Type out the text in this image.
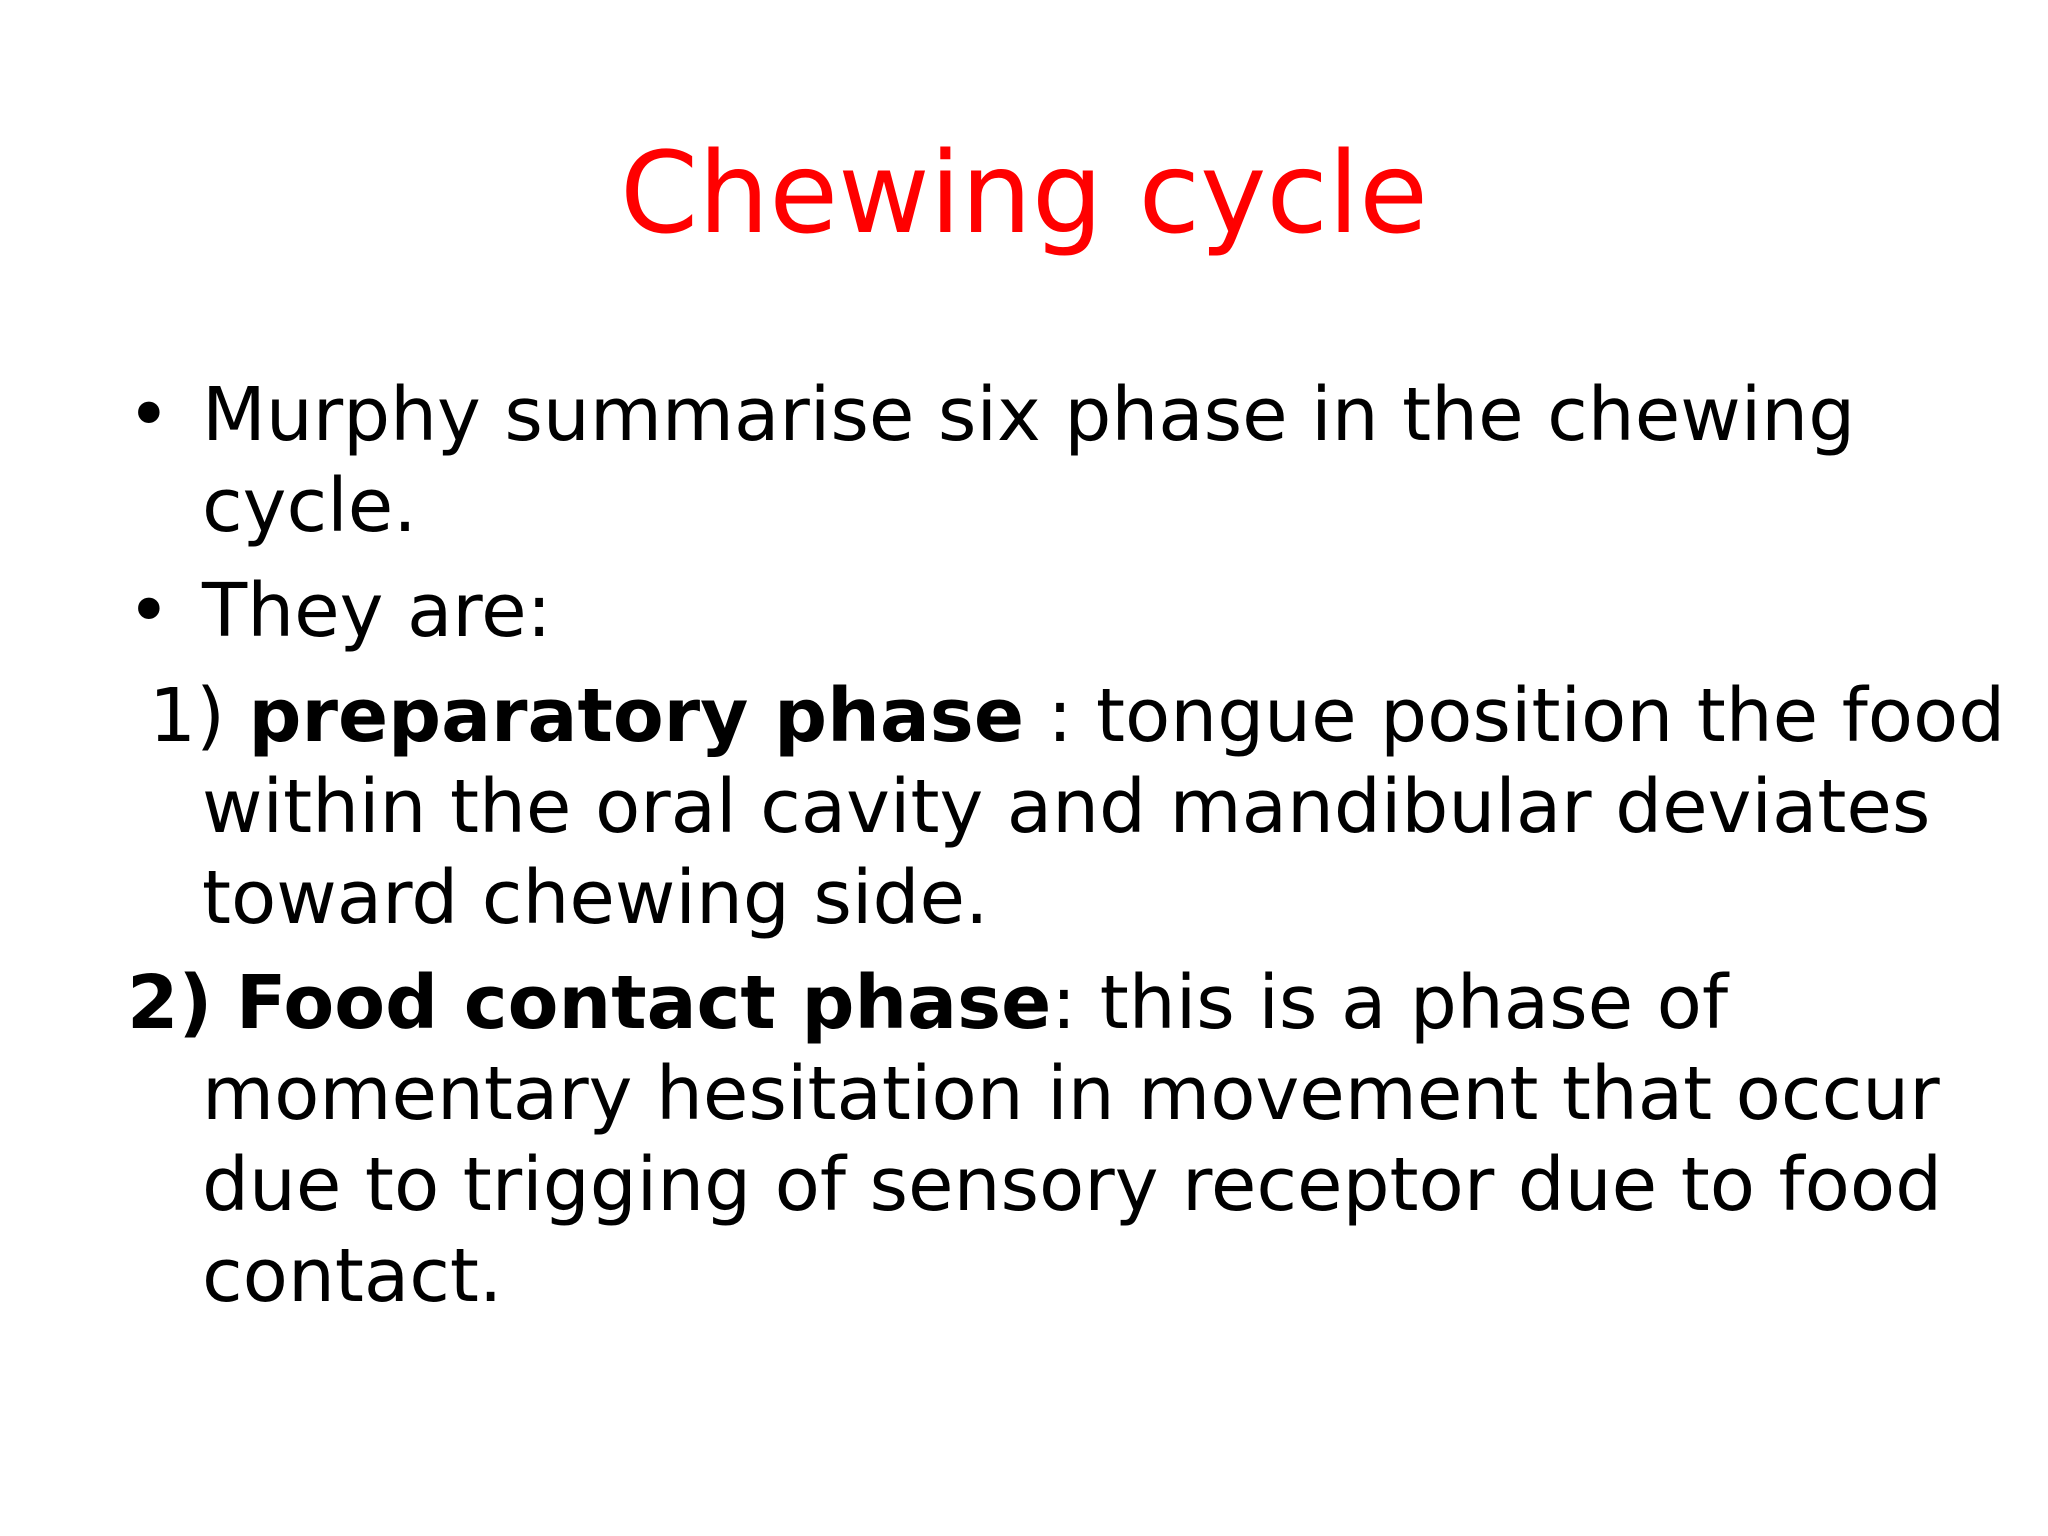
Chewing cycle

• Murphy summarise six phase in the chewing
cycle.

• They are:

1) preparatory phase : tongue position the food
within the oral cavity and mandibular deviates
toward chewing side.

2) Food contact phase: this is a phase of
momentary hesitation in movement that occur
due to trigging of sensory receptor due to food
contact.
